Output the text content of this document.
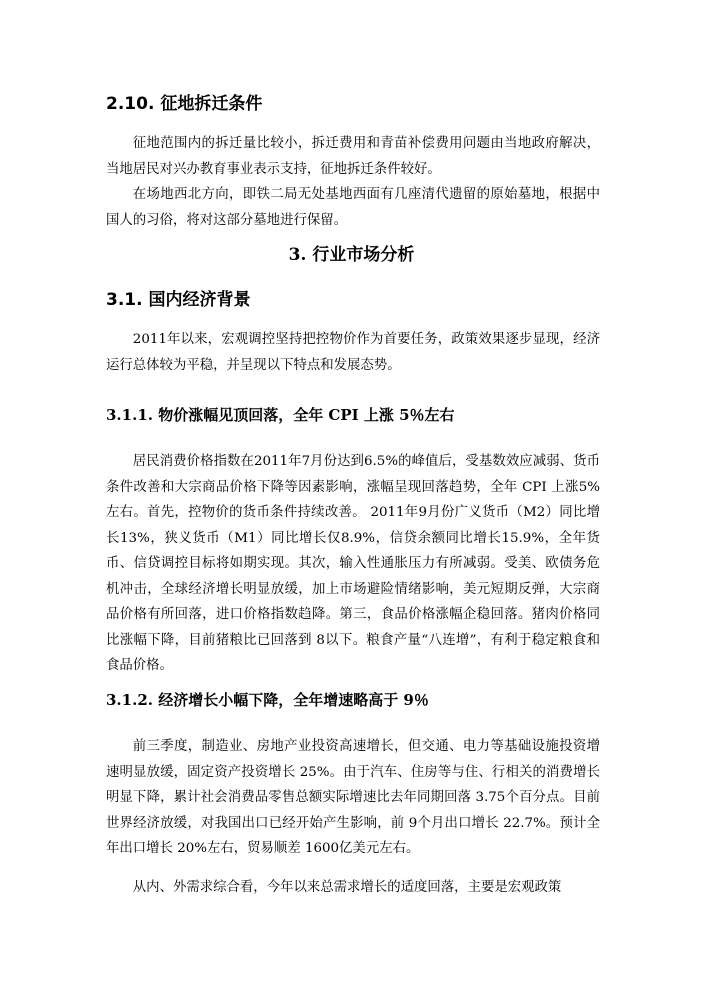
2.10. 征地拆迁条件

征地范围内的拆迁量比较小，拆迁费用和青苗补偿费用问题由当地政府解决，当地居民对兴办教育事业表示支持，征地拆迁条件较好。

在场地西北方向，即铁二局无处基地西面有几座清代遗留的原始墓地，根据中国人的习俗，将对这部分墓地进行保留。

3. 行业市场分析
3.1. 国内经济背景

2011年以来，宏观调控坚持把控物价作为首要任务，政策效果逐步显现，经济运行总体较为平稳，并呈现以下特点和发展态势。

3.1.1. 物价涨幅见顶回落，全年 CPI 上涨 5％左右

居民消费价格指数在2011年7月份达到6.5%的峰值后，受基数效应减弱、货币条件改善和大宗商品价格下降等因素影响，涨幅呈现回落趋势，全年 CPI 上涨5%左右。首先，控物价的货币条件持续改善。 2011年9月份广义货币（M2）同比增长13%，狭义货币（M1）同比增长仅8.9%，信贷余额同比增长15.9%，全年货币、信贷调控目标将如期实现。其次，输入性通胀压力有所减弱。受美、欧债务危机冲击，全球经济增长明显放缓，加上市场避险情绪影响，美元短期反弹，大宗商品价格有所回落，进口价格指数趋降。第三，食品价格涨幅企稳回落。猪肉价格同比涨幅下降，目前猪粮比已回落到 8以下。粮食产量“八连增”，有利于稳定粮食和食品价格。

3.1.2. 经济增长小幅下降，全年增速略高于 9％

前三季度，制造业、房地产业投资高速增长，但交通、电力等基础设施投资增速明显放缓，固定资产投资增长 25%。由于汽车、住房等与住、行相关的消费增长明显下降，累计社会消费品零售总额实际增速比去年同期回落 3.75个百分点。目前世界经济放缓，对我国出口已经开始产生影响，前 9个月出口增长 22.7%。预计全年出口增长 20%左右，贸易顺差 1600亿美元左右。

从内、外需求综合看，今年以来总需求增长的适度回落，主要是宏观政策
